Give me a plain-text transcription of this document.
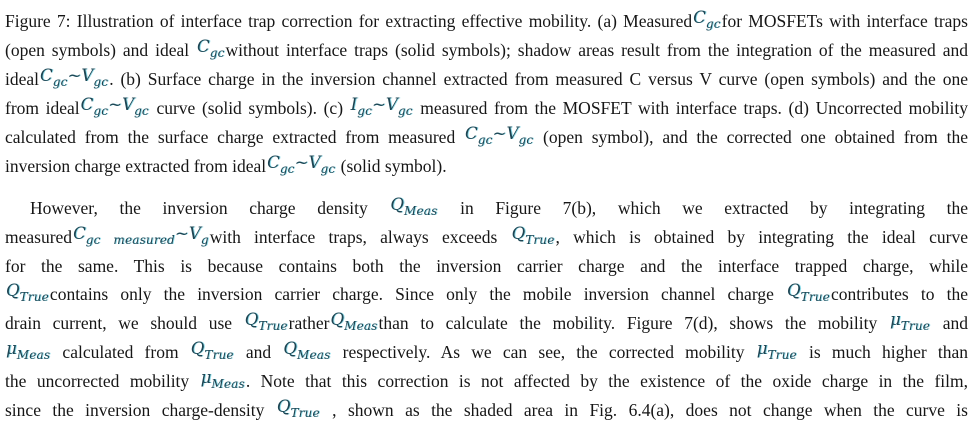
Figure 7: Illustration of interface trap correction for extracting effective mobility. (a) MeasuredC$_{gc}$for MOSFETs with interface traps
(open symbols) and ideal $C_{gc}without$ interface traps (solid symbols); shadow areas result from the integration of the measured and
$idealC_{gc}\sim V_{gc}$. (b) Surface charge in the inversion channel extracted from measured C versus V curve (open symbols) and the one
from $idealC_{gc}\sim V_{gc}$ curve (solid symbols). (c) $I_{gc}\sim V_{gc}$ measured from the MOSFET with interface traps. (d) Uncorrected mobility
calculated from the surface charge extracted from measured $C_{gc}\sim V_{gc}$ (open symbol), and the corrected one obtained from the
inversion charge extracted from $idealC_{gc}\sim V_{gc}$ (solid symbol).
However, the inversion charge density $Q_{Meas}$ in Figure 7(b), which we extracted by integrating the
$measuredC_{gc measured}\sim V_gwith$ interface traps, always exceeds $Q_{True}$, which is obtained by integrating the ideal curve
for the same. This is because contains both the inversion carrier charge and the interface trapped charge, while
$Q_{True}contains$ only the inversion carrier charge. Since only the mobile inversion channel charge $Q_{True}contributes$ to the
drain current, we should use $Q_{True}ratherQ_{Meas}than$ to calculate the mobility. Figure 7(d), shows the mobility $\mu_{True}$ and
$\mu_{Meas}$ calculated from $Q_{True}$ and $Q_{Meas}$ respectively. As we can see, the corrected mobility $\mu_{True}$ is much higher than
the uncorrected mobility $\mu_{Meas}$. Note that this correction is not affected by the existence of the oxide charge in the film,
since the inversion charge-density $Q_{True}$ , shown as the shaded area in Fig. 6.4(a), does not change when the curve is
